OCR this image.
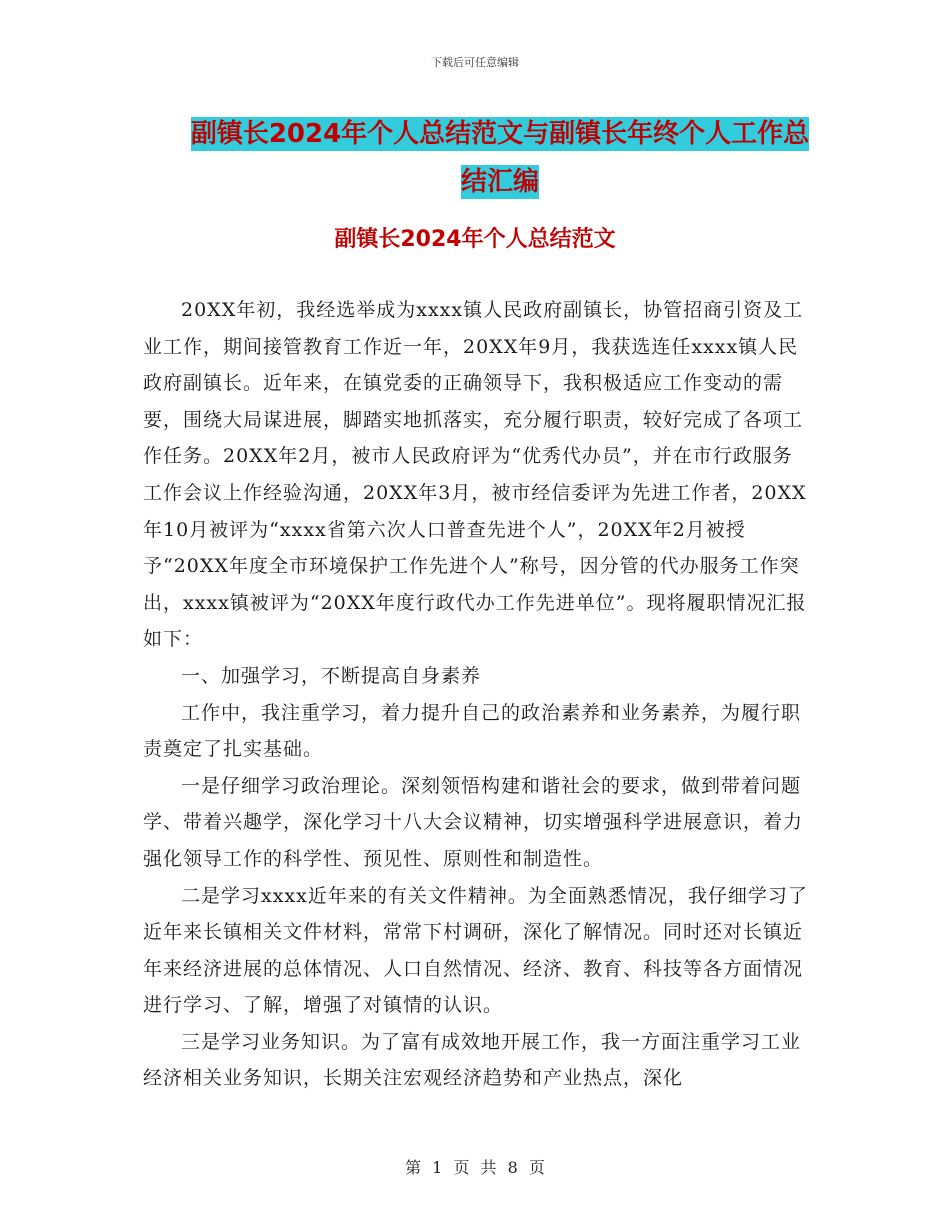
下载后可任意编辑
副镇长2024年个人总结范文与副镇长年终个人工作总
结汇编
副镇长2024年个人总结范文

20XX年初，我经选举成为xxxx镇人民政府副镇长，协管招商引资及工业工作，期间接管教育工作近一年，20XX年9月，我获选连任xxxx镇人民政府副镇长。近年来，在镇党委的正确领导下，我积极适应工作变动的需要，围绕大局谋进展，脚踏实地抓落实，充分履行职责，较好完成了各项工作任务。20XX年2月，被市人民政府评为“优秀代办员”，并在市行政服务工作会议上作经验沟通，20XX年3月，被市经信委评为先进工作者，20XX年10月被评为“xxxx省第六次人口普查先进个人”，20XX年2月被授予“20XX年度全市环境保护工作先进个人”称号，因分管的代办服务工作突出，xxxx镇被评为“20XX年度行政代办工作先进单位”。现将履职情况汇报如下：

一、加强学习，不断提高自身素养

工作中，我注重学习，着力提升自己的政治素养和业务素养，为履行职责奠定了扎实基础。

一是仔细学习政治理论。深刻领悟构建和谐社会的要求，做到带着问题学、带着兴趣学，深化学习十八大会议精神，切实增强科学进展意识，着力强化领导工作的科学性、预见性、原则性和制造性。

二是学习xxxx近年来的有关文件精神。为全面熟悉情况，我仔细学习了近年来长镇相关文件材料，常常下村调研，深化了解情况。同时还对长镇近年来经济进展的总体情况、人口自然情况、经济、教育、科技等各方面情况进行学习、了解，增强了对镇情的认识。

三是学习业务知识。为了富有成效地开展工作，我一方面注重学习工业经济相关业务知识，长期关注宏观经济趋势和产业热点，深化

第 1 页 共 8 页
